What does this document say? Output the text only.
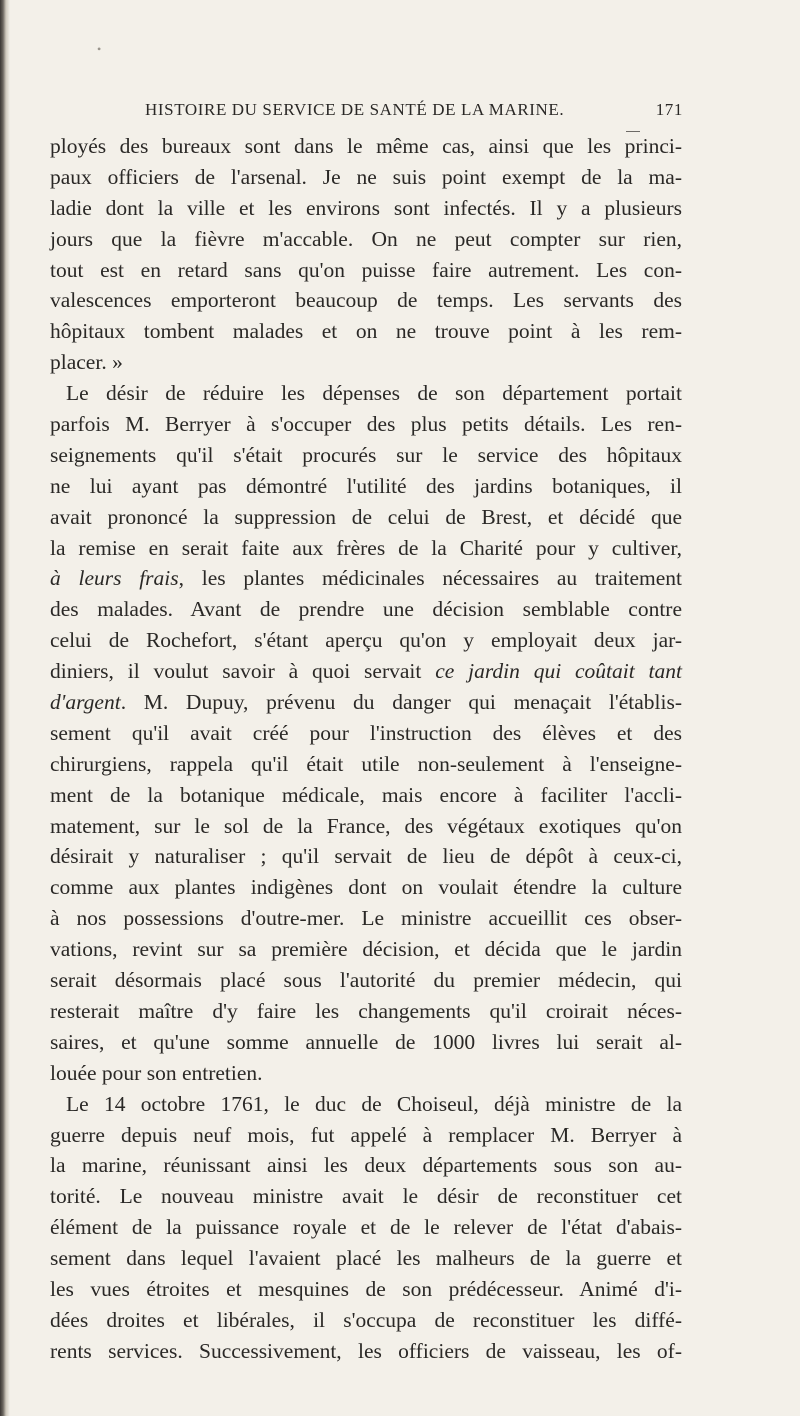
•
HISTOIRE DU SERVICE DE SANTÉ DE LA MARINE.	171
ployés des bureaux sont dans le même cas, ainsi que les princi-
paux officiers de l'arsenal. Je ne suis point exempt de la ma-
ladie dont la ville et les environs sont infectés. Il y a plusieurs
jours que la fièvre m'accable. On ne peut compter sur rien,
tout est en retard sans qu'on puisse faire autrement. Les con-
valescences emporteront beaucoup de temps. Les servants des
hôpitaux tombent malades et on ne trouve point à les rem-
placer. »
Le désir de réduire les dépenses de son département portait
parfois M. Berryer à s'occuper des plus petits détails. Les ren-
seignements qu'il s'était procurés sur le service des hôpitaux
ne lui ayant pas démontré l'utilité des jardins botaniques, il
avait prononcé la suppression de celui de Brest, et décidé que
la remise en serait faite aux frères de la Charité pour y cultiver,
à leurs frais, les plantes médicinales nécessaires au traitement
des malades. Avant de prendre une décision semblable contre
celui de Rochefort, s'étant aperçu qu'on y employait deux jar-
diniers, il voulut savoir à quoi servait ce jardin qui coûtait tant
d'argent. M. Dupuy, prévenu du danger qui menaçait l'établis-
sement qu'il avait créé pour l'instruction des élèves et des
chirurgiens, rappela qu'il était utile non-seulement à l'enseigne-
ment de la botanique médicale, mais encore à faciliter l'accli-
matement, sur le sol de la France, des végétaux exotiques qu'on
désirait y naturaliser ; qu'il servait de lieu de dépôt à ceux-ci,
comme aux plantes indigènes dont on voulait étendre la culture
à nos possessions d'outre-mer. Le ministre accueillit ces obser-
vations, revint sur sa première décision, et décida que le jardin
serait désormais placé sous l'autorité du premier médecin, qui
resterait maître d'y faire les changements qu'il croirait néces-
saires, et qu'une somme annuelle de 1000 livres lui serait al-
louée pour son entretien.
Le 14 octobre 1761, le duc de Choiseul, déjà ministre de la
guerre depuis neuf mois, fut appelé à remplacer M. Berryer à
la marine, réunissant ainsi les deux départements sous son au-
torité. Le nouveau ministre avait le désir de reconstituer cet
élément de la puissance royale et de le relever de l'état d'abais-
sement dans lequel l'avaient placé les malheurs de la guerre et
les vues étroites et mesquines de son prédécesseur. Animé d'i-
dées droites et libérales, il s'occupa de reconstituer les diffé-
rents services. Successivement, les officiers de vaisseau, les of-
